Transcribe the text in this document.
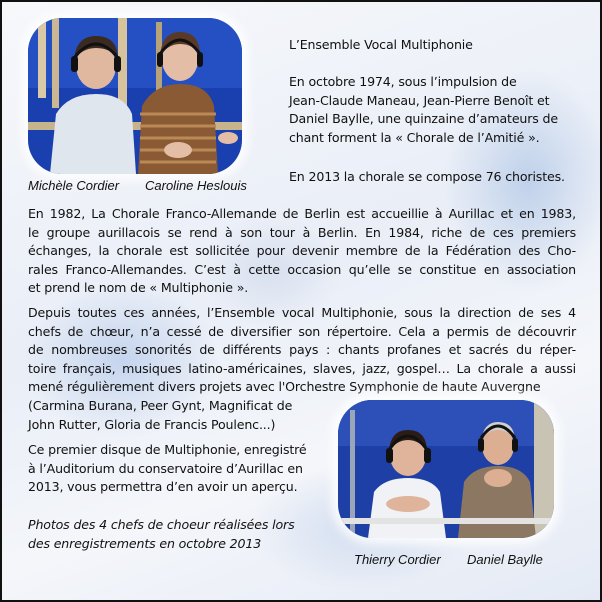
Michèle Cordier Caroline Heslouis
L’Ensemble Vocal Multiphonie
En octobre 1974, sous l’impulsion de
Jean-Claude Maneau, Jean-Pierre Benoît et
Daniel Baylle, une quinzaine d’amateurs de
chant forment la « Chorale de l’Amitié ».
En 2013 la chorale se compose 76 choristes.
En 1982, La Chorale Franco-Allemande de Berlin est accueillie à Aurillac et en 1983,
le groupe aurillacois se rend à son tour à Berlin. En 1984, riche de ces premiers
échanges, la chorale est sollicitée pour devenir membre de la Fédération des Cho-
rales Franco-Allemandes. C’est à cette occasion qu’elle se constitue en association
et prend le nom de « Multiphonie ».
Depuis toutes ces années, l’Ensemble vocal Multiphonie, sous la direction de ses 4
chefs de chœur, n’a cessé de diversifier son répertoire. Cela a permis de découvrir
de nombreuses sonorités de différents pays : chants profanes et sacrés du réper-
toire français, musiques latino-américaines, slaves, jazz, gospel… La chorale a aussi
mené régulièrement divers projets avec l'Orchestre Symphonie de haute Auvergne
(Carmina Burana, Peer Gynt, Magnificat de
John Rutter, Gloria de Francis Poulenc...)
Ce premier disque de Multiphonie, enregistré
à l’Auditorium du conservatoire d’Aurillac en
2013, vous permettra d’en avoir un aperçu.
Photos des 4 chefs de choeur réalisées lors
des enregistrements en octobre 2013
Thierry Cordier Daniel Baylle
